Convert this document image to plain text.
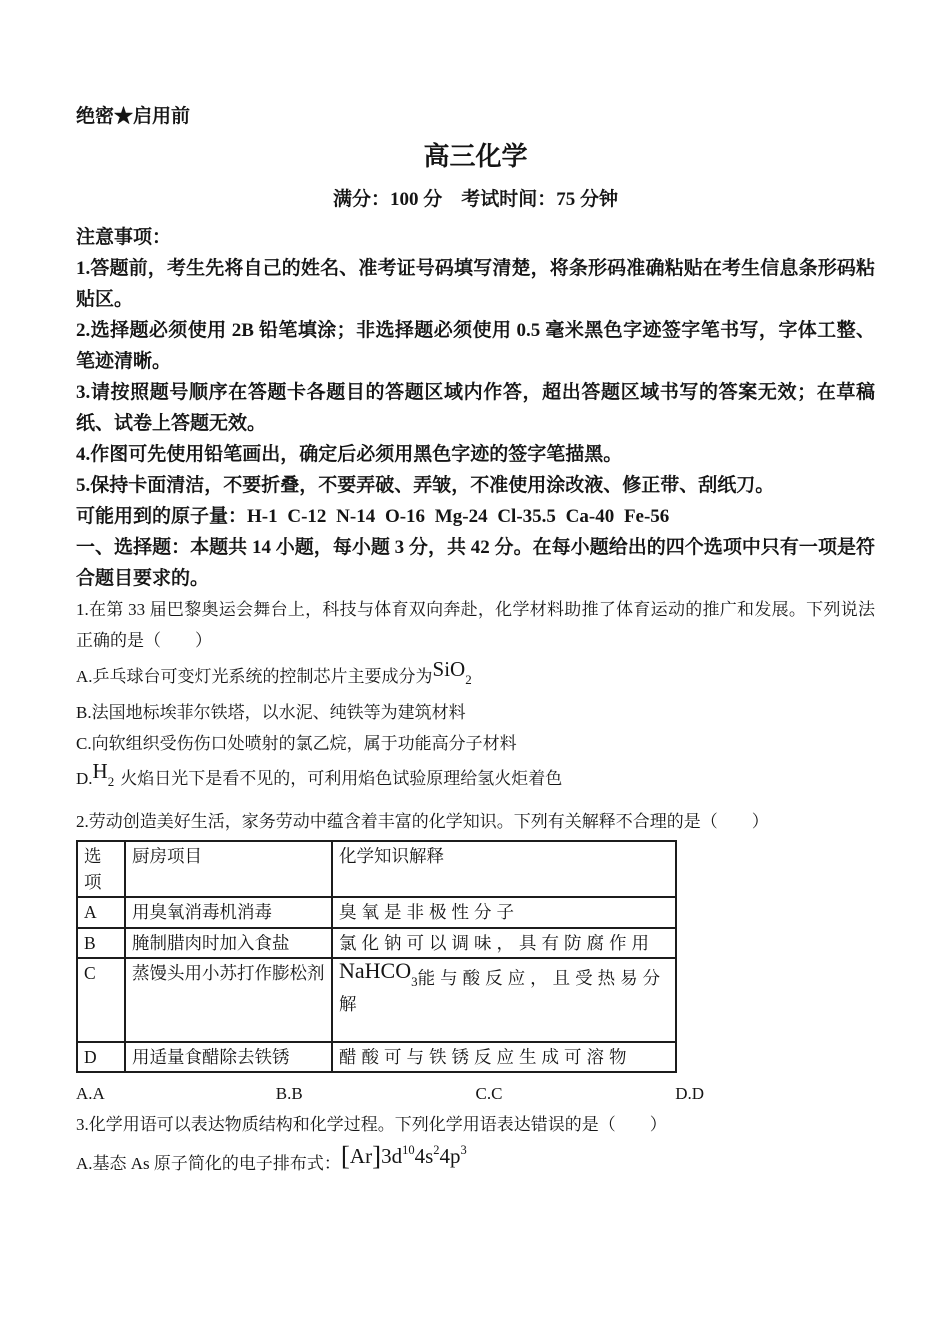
绝密★启用前
高三化学
满分：100 分　考试时间：75 分钟

注意事项：

1.答题前，考生先将自己的姓名、准考证号码填写清楚，将条形码准确粘贴在考生信息条形码粘贴区。

2.选择题必须使用 2B 铅笔填涂；非选择题必须使用 0.5 毫米黑色字迹签字笔书写，字体工整、笔迹清晰。

3.请按照题号顺序在答题卡各题目的答题区域内作答，超出答题区域书写的答案无效；在草稿纸、试卷上答题无效。

4.作图可先使用铅笔画出，确定后必须用黑色字迹的签字笔描黑。

5.保持卡面清洁，不要折叠，不要弄破、弄皱，不准使用涂改液、修正带、刮纸刀。

可能用到的原子量：H-1 C-12 N-14 O-16 Mg-24 Cl-35.5 Ca-40 Fe-56

一、选择题：本题共 14 小题，每小题 3 分，共 42 分。在每小题给出的四个选项中只有一项是符合题目要求的。

1.在第 33 届巴黎奥运会舞台上，科技与体育双向奔赴，化学材料助推了体育运动的推广和发展。下列说法正确的是（　　）

A.乒乓球台可变灯光系统的控制芯片主要成分为SiO$_2$

B.法国地标埃菲尔铁塔，以水泥、纯铁等为建筑材料

C.向软组织受伤伤口处喷射的氯乙烷，属于功能高分子材料

$D.H_2$ 火焰日光下是看不见的，可利用焰色试验原理给氢火炬着色

2.劳动创造美好生活，家务劳动中蕴含着丰富的化学知识。下列有关解释不合理的是（　　）

选项	厨房项目	化学知识解释
A	用臭氧消毒机消毒	臭氧是非极性分子
B	腌制腊肉时加入食盐	氯化钠可以调味，具有防腐作用
C	蒸馒头用小苏打作膨松剂	NaHCO$_3$能与酸反应，且受热易分解
D	用适量食醋除去铁锈	醋酸可与铁锈反应生成可溶物
A.A	B.B	C.C	D.D

3.化学用语可以表达物质结构和化学过程。下列化学用语表达错误的是（　　）

A.基态 As 原子简化的电子排布式：$[Ar]3d^{10}4s^24p^3$
